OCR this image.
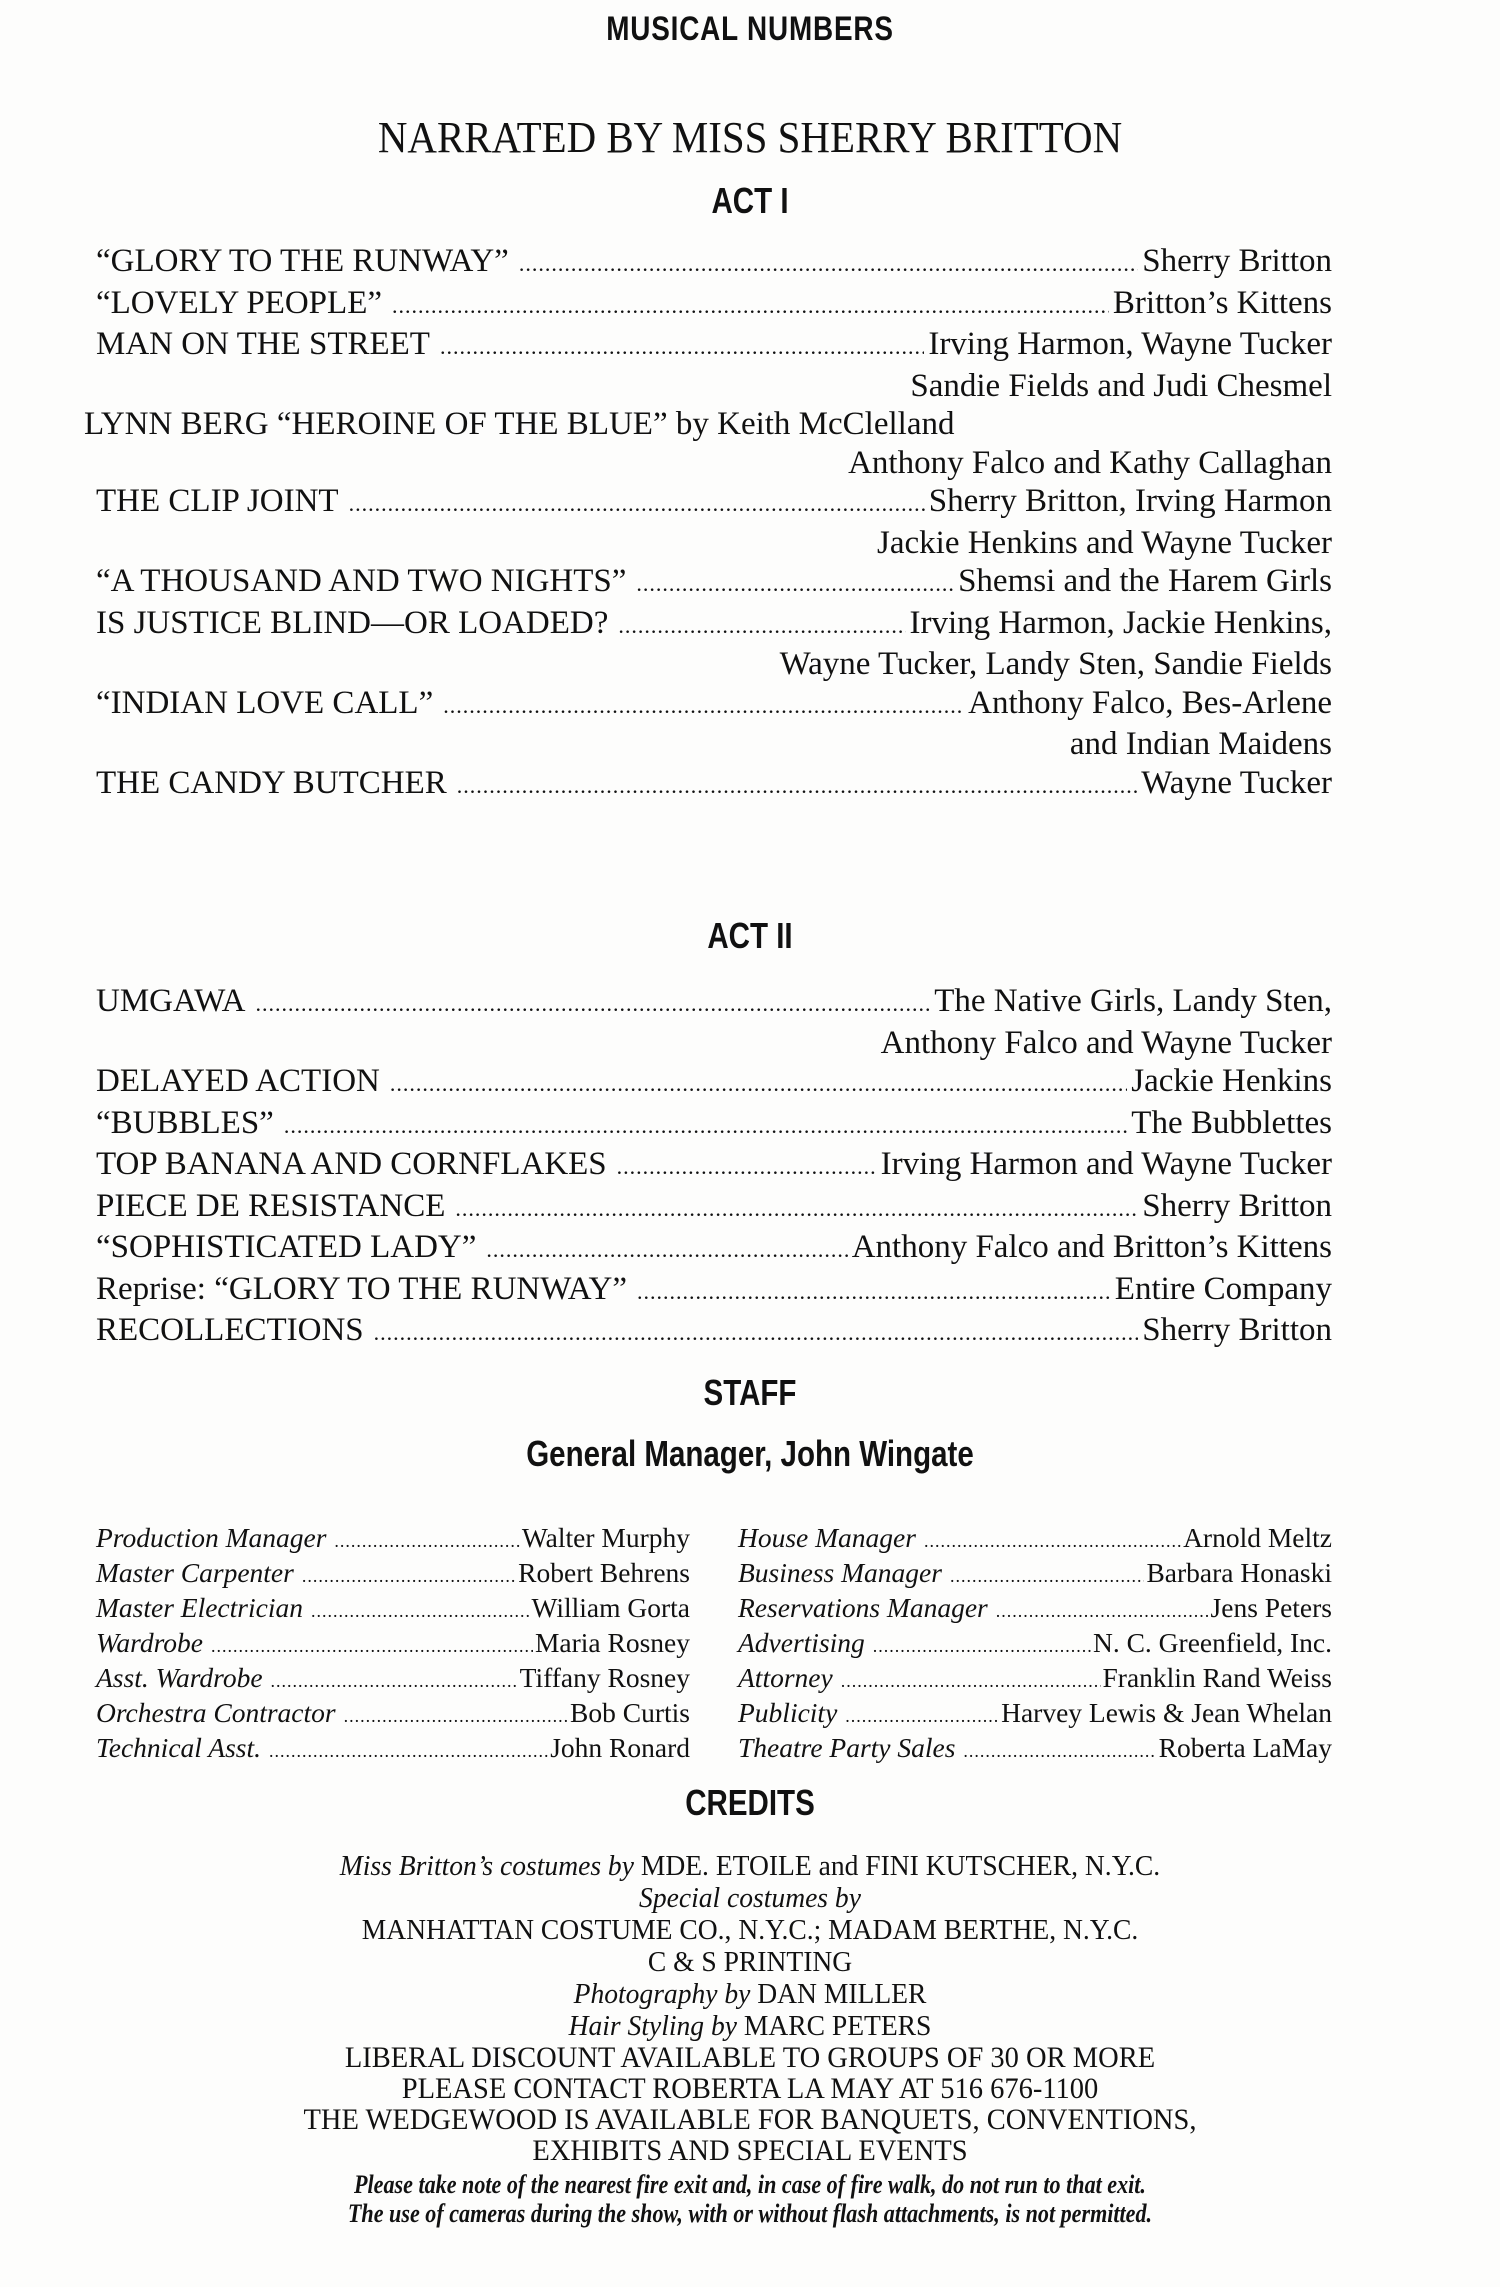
MUSICAL NUMBERS
NARRATED BY MISS SHERRY BRITTON
ACT I
“GLORY TO THE RUNWAY” .....	Sherry Britton
“LOVELY PEOPLE” .....	Britton’s Kittens
MAN ON THE STREET .....	Irving Harmon, Wayne Tucker
Sandie Fields and Judi Chesmel
LYNN BERG “HEROINE OF THE BLUE” by Keith McClelland
Anthony Falco and Kathy Callaghan
THE CLIP JOINT .....	Sherry Britton, Irving Harmon
Jackie Henkins and Wayne Tucker
“A THOUSAND AND TWO NIGHTS” .....	Shemsi and the Harem Girls
IS JUSTICE BLIND—OR LOADED? .....	Irving Harmon, Jackie Henkins,
Wayne Tucker, Landy Sten, Sandie Fields
“INDIAN LOVE CALL” .....	Anthony Falco, Bes-Arlene
and Indian Maidens
THE CANDY BUTCHER .....	Wayne Tucker
ACT II
UMGAWA .....	The Native Girls, Landy Sten,
Anthony Falco and Wayne Tucker
DELAYED ACTION .....	Jackie Henkins
“BUBBLES” .....	The Bubblettes
TOP BANANA AND CORNFLAKES .....	Irving Harmon and Wayne Tucker
PIECE DE RESISTANCE .....	Sherry Britton
“SOPHISTICATED LADY” .....	Anthony Falco and Britton’s Kittens
Reprise: “GLORY TO THE RUNWAY” .....	Entire Company
RECOLLECTIONS .....	Sherry Britton
STAFF
General Manager, John Wingate
Production Manager .....	Walter Murphy
Master Carpenter .....	Robert Behrens
Master Electrician .....	William Gorta
Wardrobe .....	Maria Rosney
Asst. Wardrobe .....	Tiffany Rosney
Orchestra Contractor .....	Bob Curtis
Technical Asst. .....	John Ronard
House Manager .....	Arnold Meltz
Business Manager .....	Barbara Honaski
Reservations Manager .....	Jens Peters
Advertising .....	N. C. Greenfield, Inc.
Attorney .....	Franklin Rand Weiss
Publicity .....	Harvey Lewis & Jean Whelan
Theatre Party Sales .....	Roberta LaMay
CREDITS
Miss Britton’s costumes by MDE. ETOILE and FINI KUTSCHER, N.Y.C.
Special costumes by
MANHATTAN COSTUME CO., N.Y.C.; MADAM BERTHE, N.Y.C.
C & S PRINTING
Photography by DAN MILLER
Hair Styling by MARC PETERS
LIBERAL DISCOUNT AVAILABLE TO GROUPS OF 30 OR MORE
PLEASE CONTACT ROBERTA LA MAY AT 516 676-1100
THE WEDGEWOOD IS AVAILABLE FOR BANQUETS, CONVENTIONS,
EXHIBITS AND SPECIAL EVENTS
Please take note of the nearest fire exit and, in case of fire walk, do not run to that exit.
The use of cameras during the show, with or without flash attachments, is not permitted.
